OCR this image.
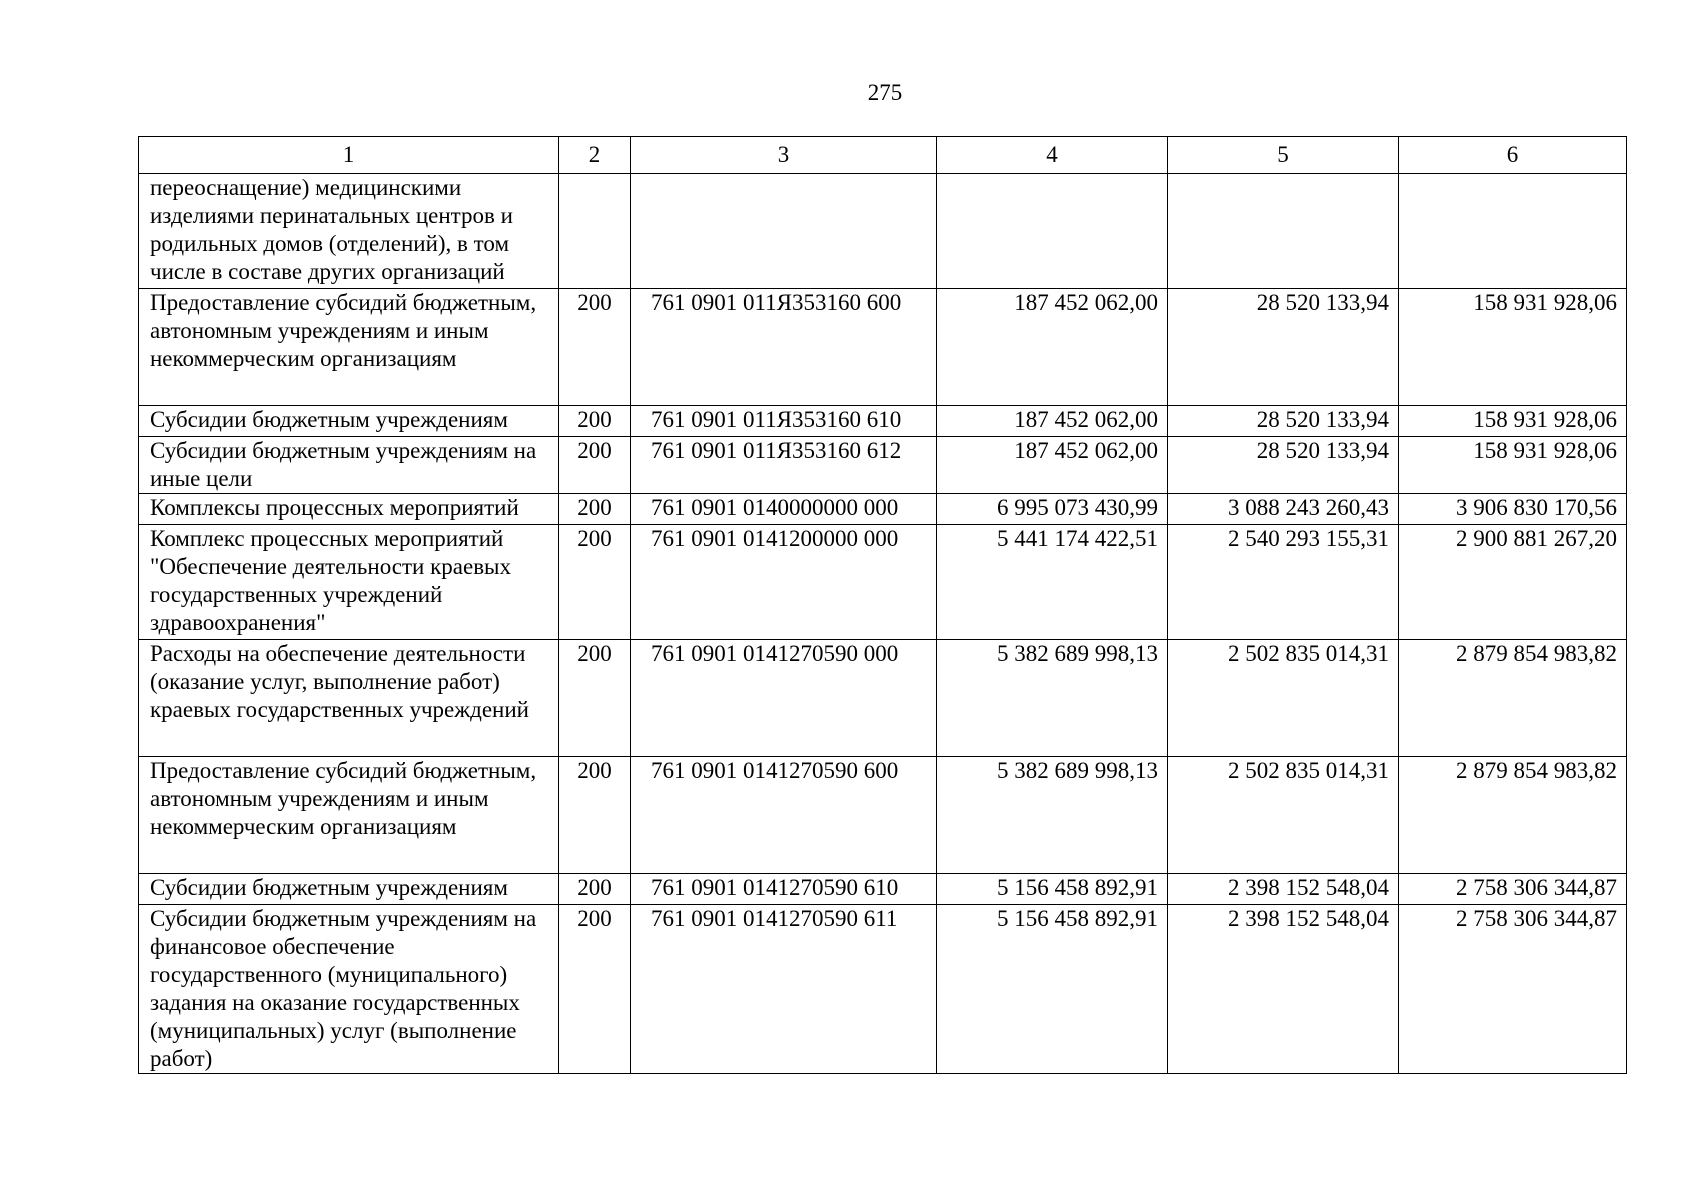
275
1	2	3	4	5	6
переоснащение) медицинскими изделиями перинатальных центров и родильных домов (отделений), в том числе в составе других организаций					
Предоставление субсидий бюджетным, автономным учреждениям и иным некоммерческим организациям	200	761 0901 011Я353160 600	187 452 062,00	28 520 133,94	158 931 928,06
Субсидии бюджетным учреждениям	200	761 0901 011Я353160 610	187 452 062,00	28 520 133,94	158 931 928,06
Субсидии бюджетным учреждениям на иные цели	200	761 0901 011Я353160 612	187 452 062,00	28 520 133,94	158 931 928,06
Комплексы процессных мероприятий	200	761 0901 0140000000 000	6 995 073 430,99	3 088 243 260,43	3 906 830 170,56
Комплекс процессных мероприятий "Обеспечение деятельности краевых государственных учреждений здравоохранения"	200	761 0901 0141200000 000	5 441 174 422,51	2 540 293 155,31	2 900 881 267,20
Расходы на обеспечение деятельности (оказание услуг, выполнение работ) краевых государственных учреждений	200	761 0901 0141270590 000	5 382 689 998,13	2 502 835 014,31	2 879 854 983,82
Предоставление субсидий бюджетным, автономным учреждениям и иным некоммерческим организациям	200	761 0901 0141270590 600	5 382 689 998,13	2 502 835 014,31	2 879 854 983,82
Субсидии бюджетным учреждениям	200	761 0901 0141270590 610	5 156 458 892,91	2 398 152 548,04	2 758 306 344,87
Субсидии бюджетным учреждениям на финансовое обеспечение государственного (муниципального) задания на оказание государственных (муниципальных) услуг (выполнение работ)	200	761 0901 0141270590 611	5 156 458 892,91	2 398 152 548,04	2 758 306 344,87
